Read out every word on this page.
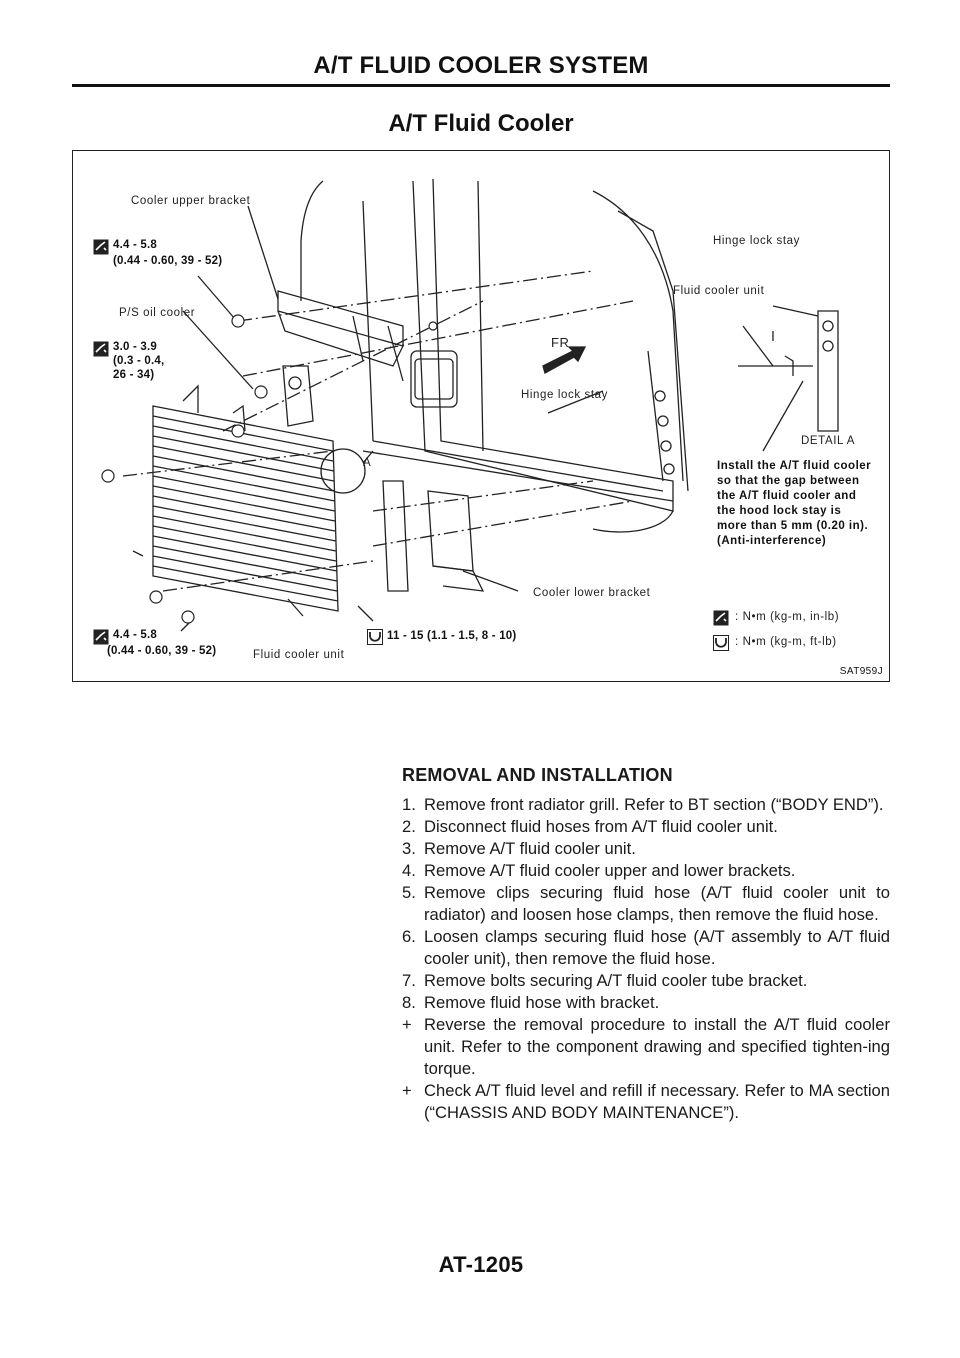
A/T FLUID COOLER SYSTEM
A/T Fluid Cooler
Cooler upper bracket
4.4 - 5.8
(0.44 - 0.60, 39 - 52)
P/S oil cooler
3.0 - 3.9
(0.3 - 0.4,
26 - 34)
Hinge lock stay
Fluid cooler unit
FR
Hinge lock stay
DETAIL A
A	Install the A/T fluid cooler
so that the gap between
the A/T fluid cooler and
the hood lock stay is
more than 5 mm (0.20 in).
(Anti-interference)
Cooler lower bracket
: N•m (kg-m, in-lb)
: N•m (kg-m, ft-lb)
11 - 15 (1.1 - 1.5, 8 - 10)
4.4 - 5.8
(0.44 - 0.60, 39 - 52)	Fluid cooler unit
SAT959J
REMOVAL AND INSTALLATION
1. Remove front radiator grill. Refer to BT section (“BODY END”).
2. Disconnect fluid hoses from A/T fluid cooler unit.
3. Remove A/T fluid cooler unit.
4. Remove A/T fluid cooler upper and lower brackets.
5. Remove clips securing fluid hose (A/T fluid cooler unit to radiator) and loosen hose clamps, then remove the fluid hose.
6. Loosen clamps securing fluid hose (A/T assembly to A/T fluid cooler unit), then remove the fluid hose.
7. Remove bolts securing A/T fluid cooler tube bracket.
8. Remove fluid hose with bracket.
+ Reverse the removal procedure to install the A/T fluid cooler unit. Refer to the component drawing and specified tighten-ing torque.
+ Check A/T fluid level and refill if necessary. Refer to MA section (“CHASSIS AND BODY MAINTENANCE”).
AT-1205
